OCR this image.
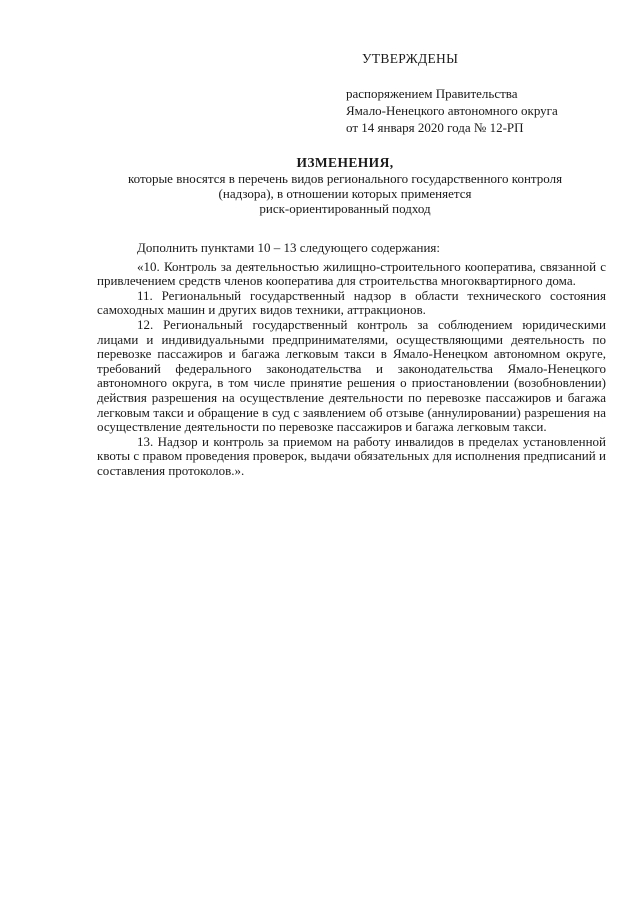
УТВЕРЖДЕНЫ
распоряжением Правительства
Ямало-Ненецкого автономного округа
от 14 января 2020 года № 12-РП
ИЗМЕНЕНИЯ,
которые вносятся в перечень видов регионального государственного контроля
(надзора), в отношении которых применяется
риск-ориентированный подход

Дополнить пунктами 10 – 13 следующего содержания:

«10. Контроль за деятельностью жилищно-строительного кооператива, связанной с привлечением средств членов кооператива для строительства многоквартирного дома.

11. Региональный государственный надзор в области технического состояния самоходных машин и других видов техники, аттракционов.

12. Региональный государственный контроль за соблюдением юридическими лицами и индивидуальными предпринимателями, осуществляющими деятельность по перевозке пассажиров и багажа легковым такси в Ямало-Ненецком автономном округе, требований федерального законодательства и законодательства Ямало-Ненецкого автономного округа, в том числе принятие решения о приостановлении (возобновлении) действия разрешения на осуществление деятельности по перевозке пассажиров и багажа легковым такси и обращение в суд с заявлением об отзыве (аннулировании) разрешения на осуществление деятельности по перевозке пассажиров и багажа легковым такси.

13. Надзор и контроль за приемом на работу инвалидов в пределах установленной квоты с правом проведения проверок, выдачи обязательных для исполнения предписаний и составления протоколов.».
